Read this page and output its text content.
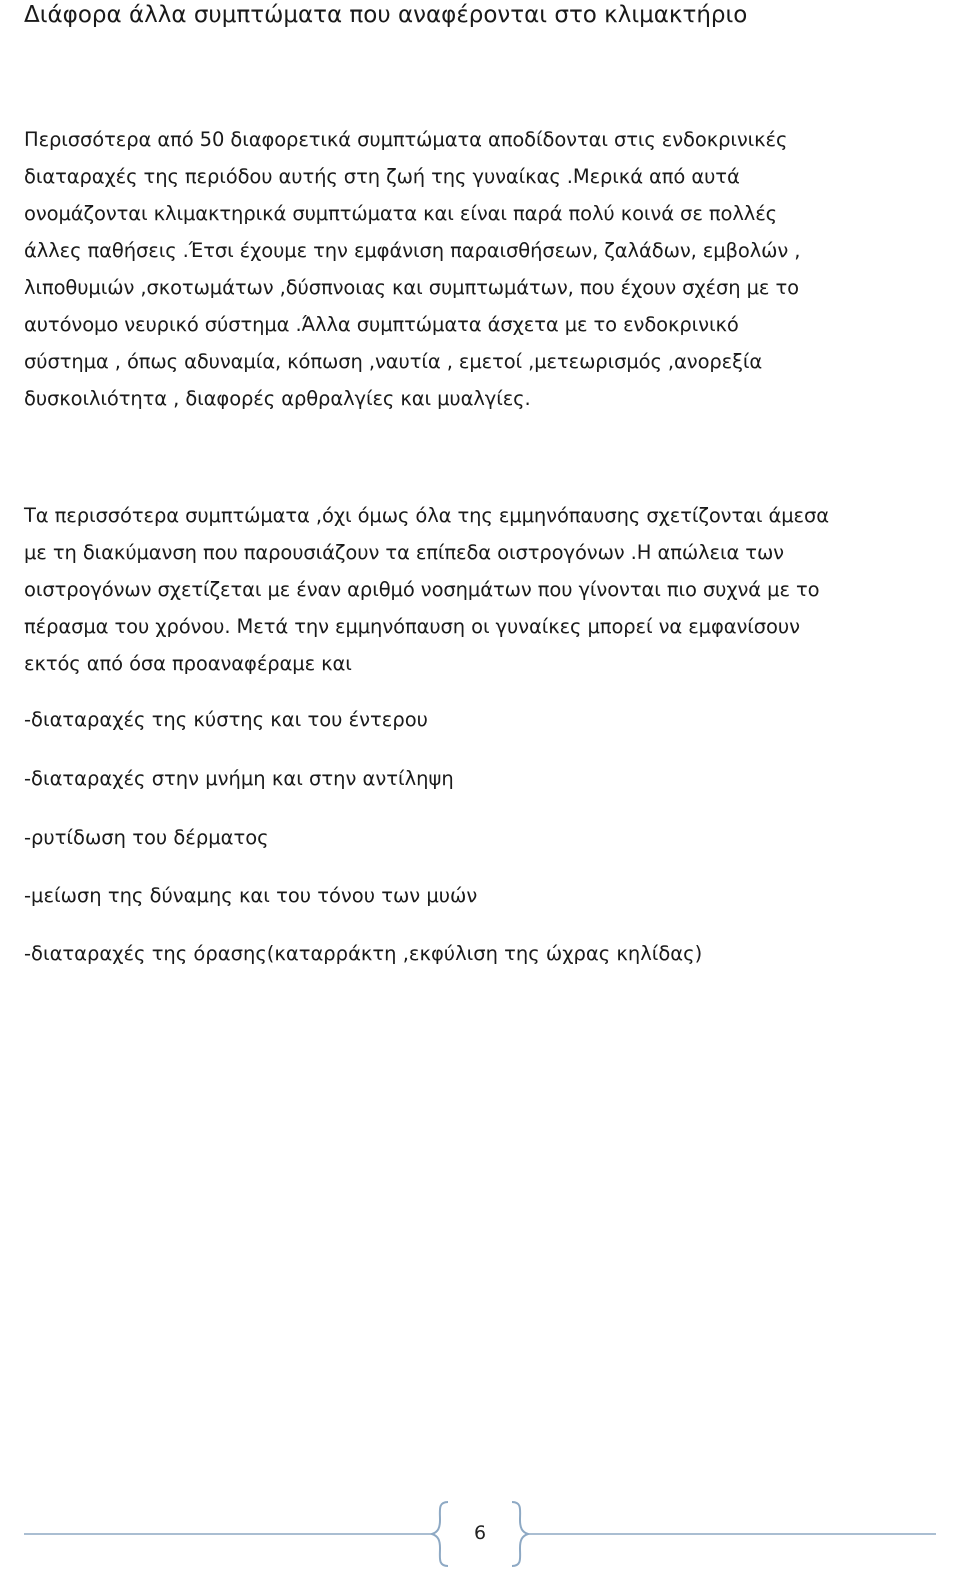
Διάφορα άλλα συμπτώματα που αναφέρονται στο κλιμακτήριο

Περισσότερα από 50 διαφορετικά συμπτώματα αποδίδονται στις ενδοκρινικές
διαταραχές της περιόδου αυτής στη ζωή της γυναίκας .Μερικά από αυτά
ονομάζονται κλιμακτηρικά συμπτώματα και είναι παρά πολύ κοινά σε πολλές
άλλες παθήσεις .Έτσι έχουμε την εμφάνιση παραισθήσεων, ζαλάδων, εμβολών ,
λιποθυμιών ,σκοτωμάτων ,δύσπνοιας και συμπτωμάτων, που έχουν σχέση με το
αυτόνομο νευρικό σύστημα .Άλλα συμπτώματα άσχετα με το ενδοκρινικό
σύστημα , όπως αδυναμία, κόπωση ,ναυτία , εμετοί ,μετεωρισμός ,ανορεξία
δυσκοιλιότητα , διαφορές αρθραλγίες και μυαλγίες.

Τα περισσότερα συμπτώματα ,όχι όμως όλα της εμμηνόπαυσης σχετίζονται άμεσα
με τη διακύμανση που παρουσιάζουν τα επίπεδα οιστρογόνων .Η απώλεια των
οιστρογόνων σχετίζεται με έναν αριθμό νοσημάτων που γίνονται πιο συχνά με το
πέρασμα του χρόνου. Μετά την εμμηνόπαυση οι γυναίκες μπορεί να εμφανίσουν
εκτός από όσα προαναφέραμε και

-διαταραχές της κύστης και του έντερου
-διαταραχές στην μνήμη και στην αντίληψη
-ρυτίδωση του δέρματος
-μείωση της δύναμης και του τόνου των μυών
-διαταραχές της όρασης(καταρράκτη ,εκφύλιση της ώχρας κηλίδας)
6
